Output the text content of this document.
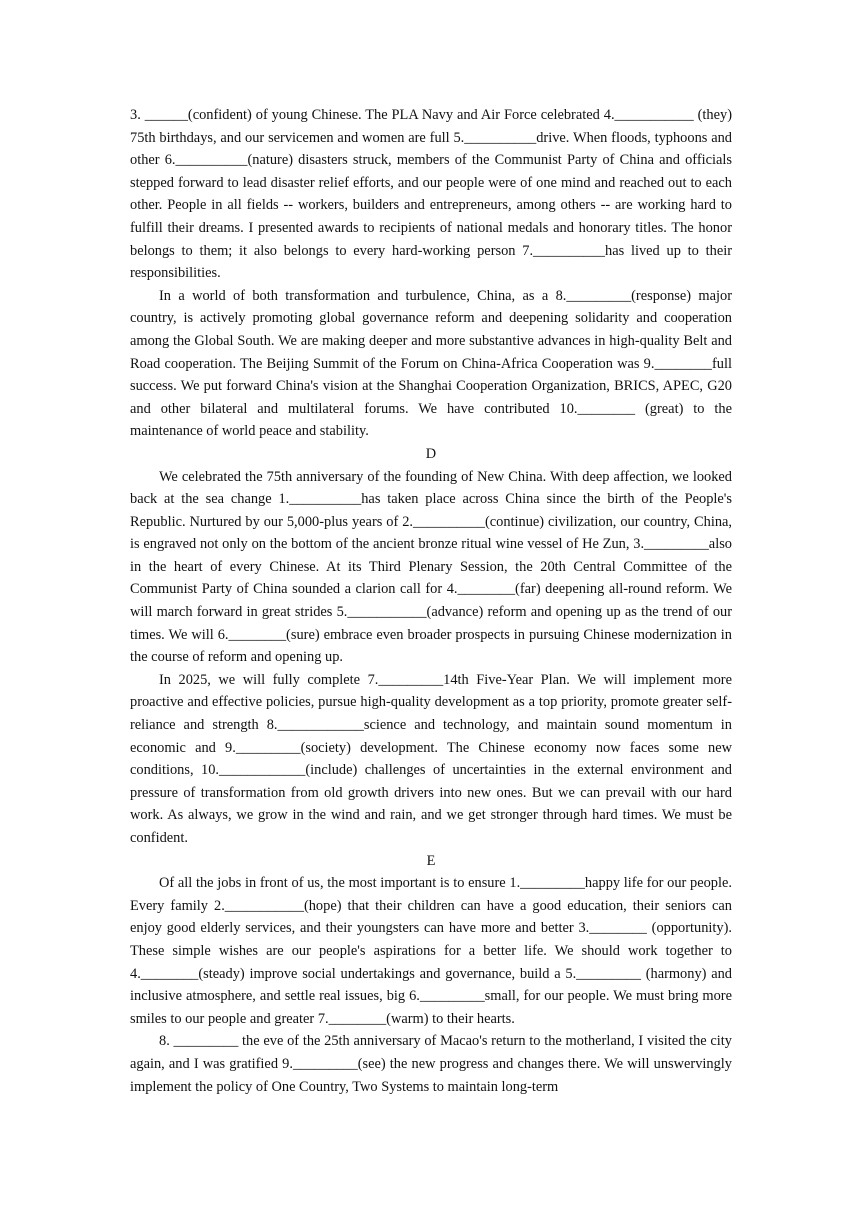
3. ______(confident) of young Chinese. The PLA Navy and Air Force celebrated 4.___________ (they) 75th birthdays, and our servicemen and women are full 5.__________drive. When floods, typhoons and other 6.__________(nature) disasters struck, members of the Communist Party of China and officials stepped forward to lead disaster relief efforts, and our people were of one mind and reached out to each other. People in all fields -- workers, builders and entrepreneurs, among others -- are working hard to fulfill their dreams. I presented awards to recipients of national medals and honorary titles. The honor belongs to them; it also belongs to every hard-working person 7.__________has lived up to their responsibilities.

In a world of both transformation and turbulence, China, as a 8._________(response) major country, is actively promoting global governance reform and deepening solidarity and cooperation among the Global South. We are making deeper and more substantive advances in high-quality Belt and Road cooperation. The Beijing Summit of the Forum on China-Africa Cooperation was 9.________full success. We put forward China's vision at the Shanghai Cooperation Organization, BRICS, APEC, G20 and other bilateral and multilateral forums. We have contributed 10.________ (great) to the maintenance of world peace and stability.

D

We celebrated the 75th anniversary of the founding of New China. With deep affection, we looked back at the sea change 1.__________has taken place across China since the birth of the People's Republic. Nurtured by our 5,000-plus years of 2.__________(continue) civilization, our country, China, is engraved not only on the bottom of the ancient bronze ritual wine vessel of He Zun, 3._________also in the heart of every Chinese. At its Third Plenary Session, the 20th Central Committee of the Communist Party of China sounded a clarion call for 4.________(far) deepening all-round reform. We will march forward in great strides 5.___________(advance) reform and opening up as the trend of our times. We will 6.________(sure) embrace even broader prospects in pursuing Chinese modernization in the course of reform and opening up.

In 2025, we will fully complete 7._________14th Five-Year Plan. We will implement more proactive and effective policies, pursue high-quality development as a top priority, promote greater self-reliance and strength 8.____________science and technology, and maintain sound momentum in economic and 9._________(society) development. The Chinese economy now faces some new conditions, 10.____________(include) challenges of uncertainties in the external environment and pressure of transformation from old growth drivers into new ones. But we can prevail with our hard work. As always, we grow in the wind and rain, and we get stronger through hard times. We must be confident.

E

Of all the jobs in front of us, the most important is to ensure 1._________happy life for our people. Every family 2.___________(hope) that their children can have a good education, their seniors can enjoy good elderly services, and their youngsters can have more and better 3.________ (opportunity). These simple wishes are our people's aspirations for a better life. We should work together to 4.________(steady) improve social undertakings and governance, build a 5._________ (harmony) and inclusive atmosphere, and settle real issues, big 6._________small, for our people. We must bring more smiles to our people and greater 7.________(warm) to their hearts.

8. _________ the eve of the 25th anniversary of Macao's return to the motherland, I visited the city again, and I was gratified 9._________(see) the new progress and changes there. We will unswervingly implement the policy of One Country, Two Systems to maintain long-term
